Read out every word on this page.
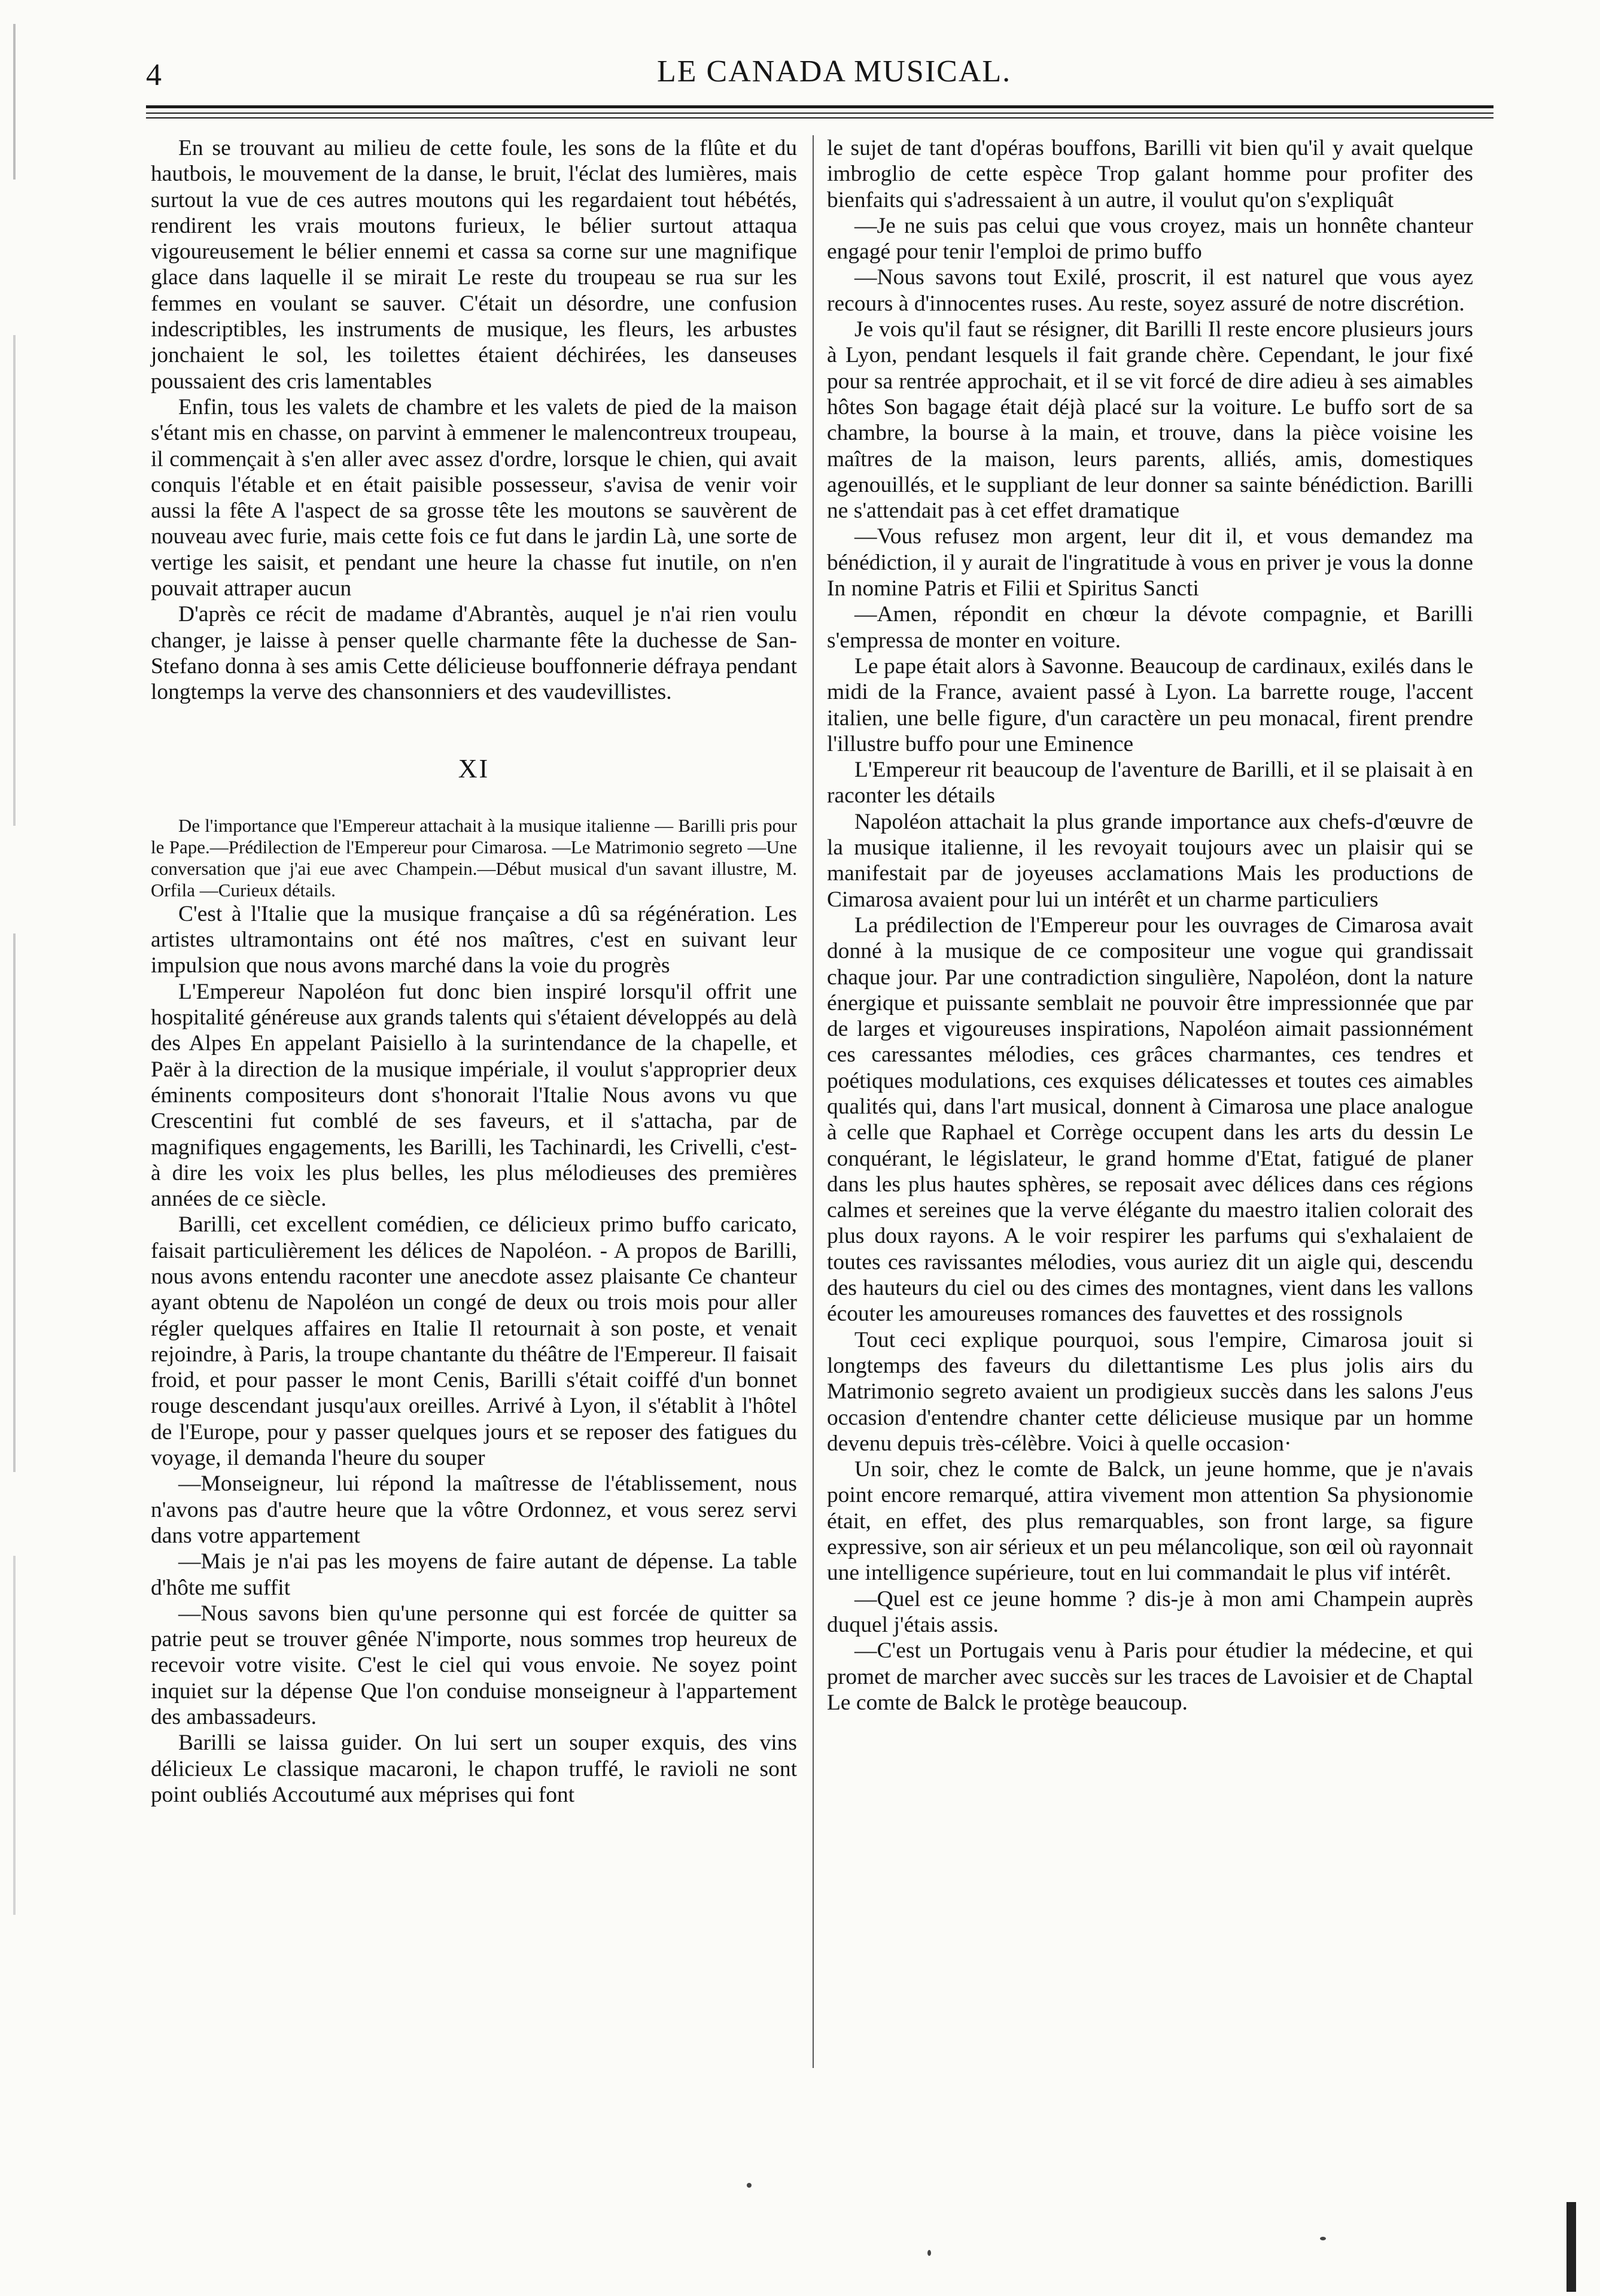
4	LE CANADA MUSICAL.

En se trouvant au milieu de cette foule, les sons de la flûte et du hautbois, le mouvement de la danse, le bruit, l'éclat des lumières, mais surtout la vue de ces autres moutons qui les regardaient tout hébétés, rendirent les vrais moutons furieux, le bélier surtout attaqua vigoureusement le bélier ennemi et cassa sa corne sur une magnifique glace dans laquelle il se mirait Le reste du troupeau se rua sur les femmes en voulant se sauver. C'était un désordre, une confusion indescriptibles, les instruments de musique, les fleurs, les arbustes jonchaient le sol, les toilettes étaient déchirées, les danseuses poussaient des cris lamentables

Enfin, tous les valets de chambre et les valets de pied de la maison s'étant mis en chasse, on parvint à emmener le malencontreux troupeau, il commençait à s'en aller avec assez d'ordre, lorsque le chien, qui avait conquis l'étable et en était paisible possesseur, s'avisa de venir voir aussi la fête A l'aspect de sa grosse tête les moutons se sauvèrent de nouveau avec furie, mais cette fois ce fut dans le jardin Là, une sorte de vertige les saisit, et pendant une heure la chasse fut inutile, on n'en pouvait attraper aucun

D'après ce récit de madame d'Abrantès, auquel je n'ai rien voulu changer, je laisse à penser quelle charmante fête la duchesse de San-Stefano donna à ses amis Cette délicieuse bouffonnerie défraya pendant longtemps la verve des chansonniers et des vaudevillistes.

XI

De l'importance que l'Empereur attachait à la musique italienne — Barilli pris pour le Pape.—Prédilection de l'Empereur pour Cimarosa. —Le Matrimonio segreto —Une conversation que j'ai eue avec Champein.—Début musical d'un savant illustre, M. Orfila —Curieux détails.

C'est à l'Italie que la musique française a dû sa régénération. Les artistes ultramontains ont été nos maîtres, c'est en suivant leur impulsion que nous avons marché dans la voie du progrès

L'Empereur Napoléon fut donc bien inspiré lorsqu'il offrit une hospitalité généreuse aux grands talents qui s'étaient développés au delà des Alpes En appelant Paisiello à la surintendance de la chapelle, et Paër à la direction de la musique impériale, il voulut s'approprier deux éminents compositeurs dont s'honorait l'Italie Nous avons vu que Crescentini fut comblé de ses faveurs, et il s'attacha, par de magnifiques engagements, les Barilli, les Tachinardi, les Crivelli, c'est-à dire les voix les plus belles, les plus mélodieuses des premières années de ce siècle.

Barilli, cet excellent comédien, ce délicieux primo buffo caricato, faisait particulièrement les délices de Napoléon. - A propos de Barilli, nous avons entendu raconter une anecdote assez plaisante Ce chanteur ayant obtenu de Napoléon un congé de deux ou trois mois pour aller régler quelques affaires en Italie Il retournait à son poste, et venait rejoindre, à Paris, la troupe chantante du théâtre de l'Empereur. Il faisait froid, et pour passer le mont Cenis, Barilli s'était coiffé d'un bonnet rouge descendant jusqu'aux oreilles. Arrivé à Lyon, il s'établit à l'hôtel de l'Europe, pour y passer quelques jours et se reposer des fatigues du voyage, il demanda l'heure du souper

—Monseigneur, lui répond la maîtresse de l'établissement, nous n'avons pas d'autre heure que la vôtre Ordonnez, et vous serez servi dans votre appartement

—Mais je n'ai pas les moyens de faire autant de dépense. La table d'hôte me suffit

—Nous savons bien qu'une personne qui est forcée de quitter sa patrie peut se trouver gênée N'importe, nous sommes trop heureux de recevoir votre visite. C'est le ciel qui vous envoie. Ne soyez point inquiet sur la dépense Que l'on conduise monseigneur à l'appartement des ambassadeurs.

Barilli se laissa guider. On lui sert un souper exquis, des vins délicieux Le classique macaroni, le chapon truffé, le ravioli ne sont point oubliés Accoutumé aux méprises qui font

le sujet de tant d'opéras bouffons, Barilli vit bien qu'il y avait quelque imbroglio de cette espèce Trop galant homme pour profiter des bienfaits qui s'adressaient à un autre, il voulut qu'on s'expliquât

—Je ne suis pas celui que vous croyez, mais un honnête chanteur engagé pour tenir l'emploi de primo buffo

—Nous savons tout Exilé, proscrit, il est naturel que vous ayez recours à d'innocentes ruses. Au reste, soyez assuré de notre discrétion.

Je vois qu'il faut se résigner, dit Barilli Il reste encore plusieurs jours à Lyon, pendant lesquels il fait grande chère. Cependant, le jour fixé pour sa rentrée approchait, et il se vit forcé de dire adieu à ses aimables hôtes Son bagage était déjà placé sur la voiture. Le buffo sort de sa chambre, la bourse à la main, et trouve, dans la pièce voisine les maîtres de la maison, leurs parents, alliés, amis, domestiques agenouillés, et le suppliant de leur donner sa sainte bénédiction. Barilli ne s'attendait pas à cet effet dramatique

—Vous refusez mon argent, leur dit il, et vous demandez ma bénédiction, il y aurait de l'ingratitude à vous en priver je vous la donne In nomine Patris et Filii et Spiritus Sancti

—Amen, répondit en chœur la dévote compagnie, et Barilli s'empressa de monter en voiture.

Le pape était alors à Savonne. Beaucoup de cardinaux, exilés dans le midi de la France, avaient passé à Lyon. La barrette rouge, l'accent italien, une belle figure, d'un caractère un peu monacal, firent prendre l'illustre buffo pour une Eminence

L'Empereur rit beaucoup de l'aventure de Barilli, et il se plaisait à en raconter les détails

Napoléon attachait la plus grande importance aux chefs-d'œuvre de la musique italienne, il les revoyait toujours avec un plaisir qui se manifestait par de joyeuses acclamations Mais les productions de Cimarosa avaient pour lui un intérêt et un charme particuliers

La prédilection de l'Empereur pour les ouvrages de Cimarosa avait donné à la musique de ce compositeur une vogue qui grandissait chaque jour. Par une contradiction singulière, Napoléon, dont la nature énergique et puissante semblait ne pouvoir être impressionnée que par de larges et vigoureuses inspirations, Napoléon aimait passionnément ces caressantes mélodies, ces grâces charmantes, ces tendres et poétiques modulations, ces exquises délicatesses et toutes ces aimables qualités qui, dans l'art musical, donnent à Cimarosa une place analogue à celle que Raphael et Corrège occupent dans les arts du dessin Le conquérant, le législateur, le grand homme d'Etat, fatigué de planer dans les plus hautes sphères, se reposait avec délices dans ces régions calmes et sereines que la verve élégante du maestro italien colorait des plus doux rayons. A le voir respirer les parfums qui s'exhalaient de toutes ces ravissantes mélodies, vous auriez dit un aigle qui, descendu des hauteurs du ciel ou des cimes des montagnes, vient dans les vallons écouter les amoureuses romances des fauvettes et des rossignols

Tout ceci explique pourquoi, sous l'empire, Cimarosa jouit si longtemps des faveurs du dilettantisme Les plus jolis airs du Matrimonio segreto avaient un prodigieux succès dans les salons J'eus occasion d'entendre chanter cette délicieuse musique par un homme devenu depuis très-célèbre. Voici à quelle occasion·

Un soir, chez le comte de Balck, un jeune homme, que je n'avais point encore remarqué, attira vivement mon attention Sa physionomie était, en effet, des plus remarquables, son front large, sa figure expressive, son air sérieux et un peu mélancolique, son œil où rayonnait une intelligence supérieure, tout en lui commandait le plus vif intérêt.

—Quel est ce jeune homme ? dis-je à mon ami Champein auprès duquel j'étais assis.

—C'est un Portugais venu à Paris pour étudier la médecine, et qui promet de marcher avec succès sur les traces de Lavoisier et de Chaptal Le comte de Balck le protège beaucoup.
